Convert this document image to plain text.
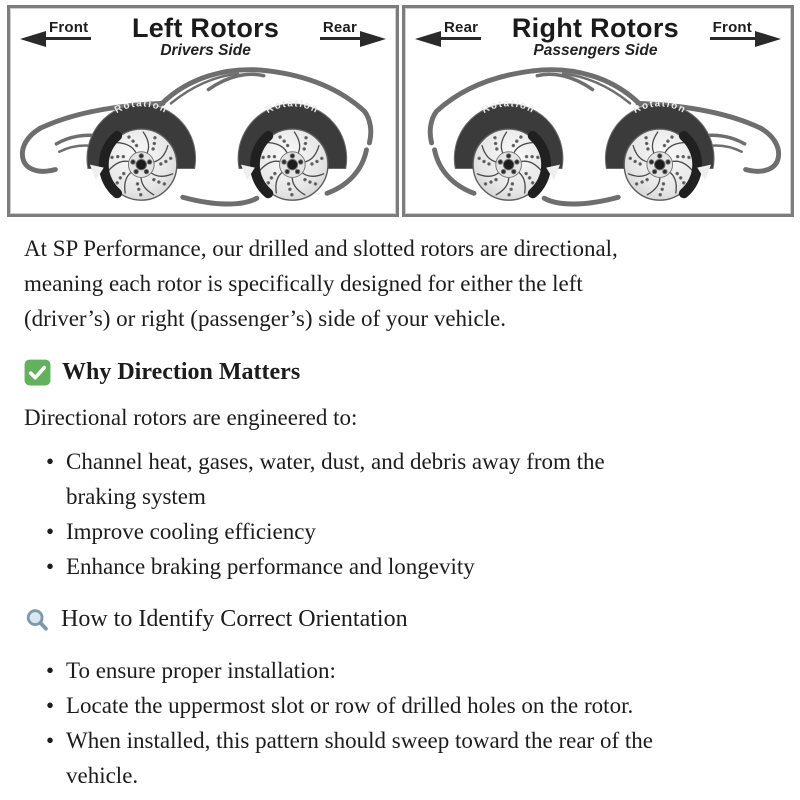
Front	Left Rotors
Drivers Side
Rear
Rotation	Rotation
Rear	Right Rotors
Passengers Side
Front
Rotation	Rotation
At SP Performance, our drilled and slotted rotors are directional,
meaning each rotor is specifically designed for either the left
(driver’s) or right (passenger’s) side of your vehicle.
Why Direction Matters
Directional rotors are engineered to:
• Channel heat, gases, water, dust, and debris away from the
braking system
• Improve cooling efficiency
• Enhance braking performance and longevity
How to Identify Correct Orientation
• To ensure proper installation:
• Locate the uppermost slot or row of drilled holes on the rotor.
• When installed, this pattern should sweep toward the rear of the
vehicle.
